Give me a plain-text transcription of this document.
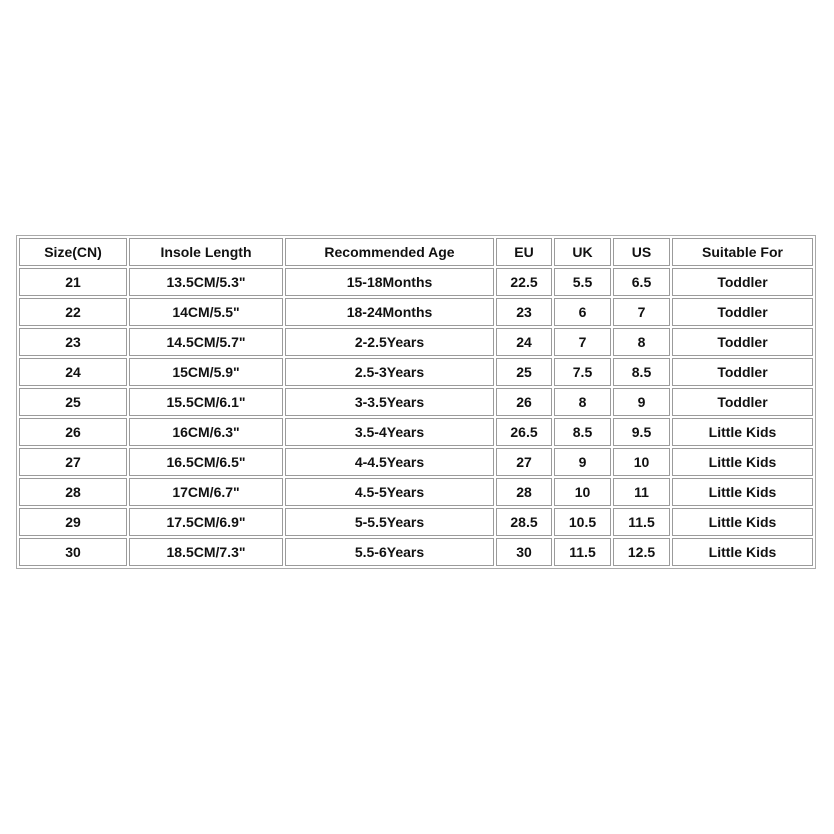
Size(CN)	Insole Length	Recommended Age	EU	UK	US	Suitable For
21	13.5CM/5.3"	15-18Months	22.5	5.5	6.5	Toddler
22	14CM/5.5"	18-24Months	23	6	7	Toddler
23	14.5CM/5.7"	2-2.5Years	24	7	8	Toddler
24	15CM/5.9"	2.5-3Years	25	7.5	8.5	Toddler
25	15.5CM/6.1"	3-3.5Years	26	8	9	Toddler
26	16CM/6.3"	3.5-4Years	26.5	8.5	9.5	Little Kids
27	16.5CM/6.5"	4-4.5Years	27	9	10	Little Kids
28	17CM/6.7"	4.5-5Years	28	10	11	Little Kids
29	17.5CM/6.9"	5-5.5Years	28.5	10.5	11.5	Little Kids
30	18.5CM/7.3"	5.5-6Years	30	11.5	12.5	Little Kids
